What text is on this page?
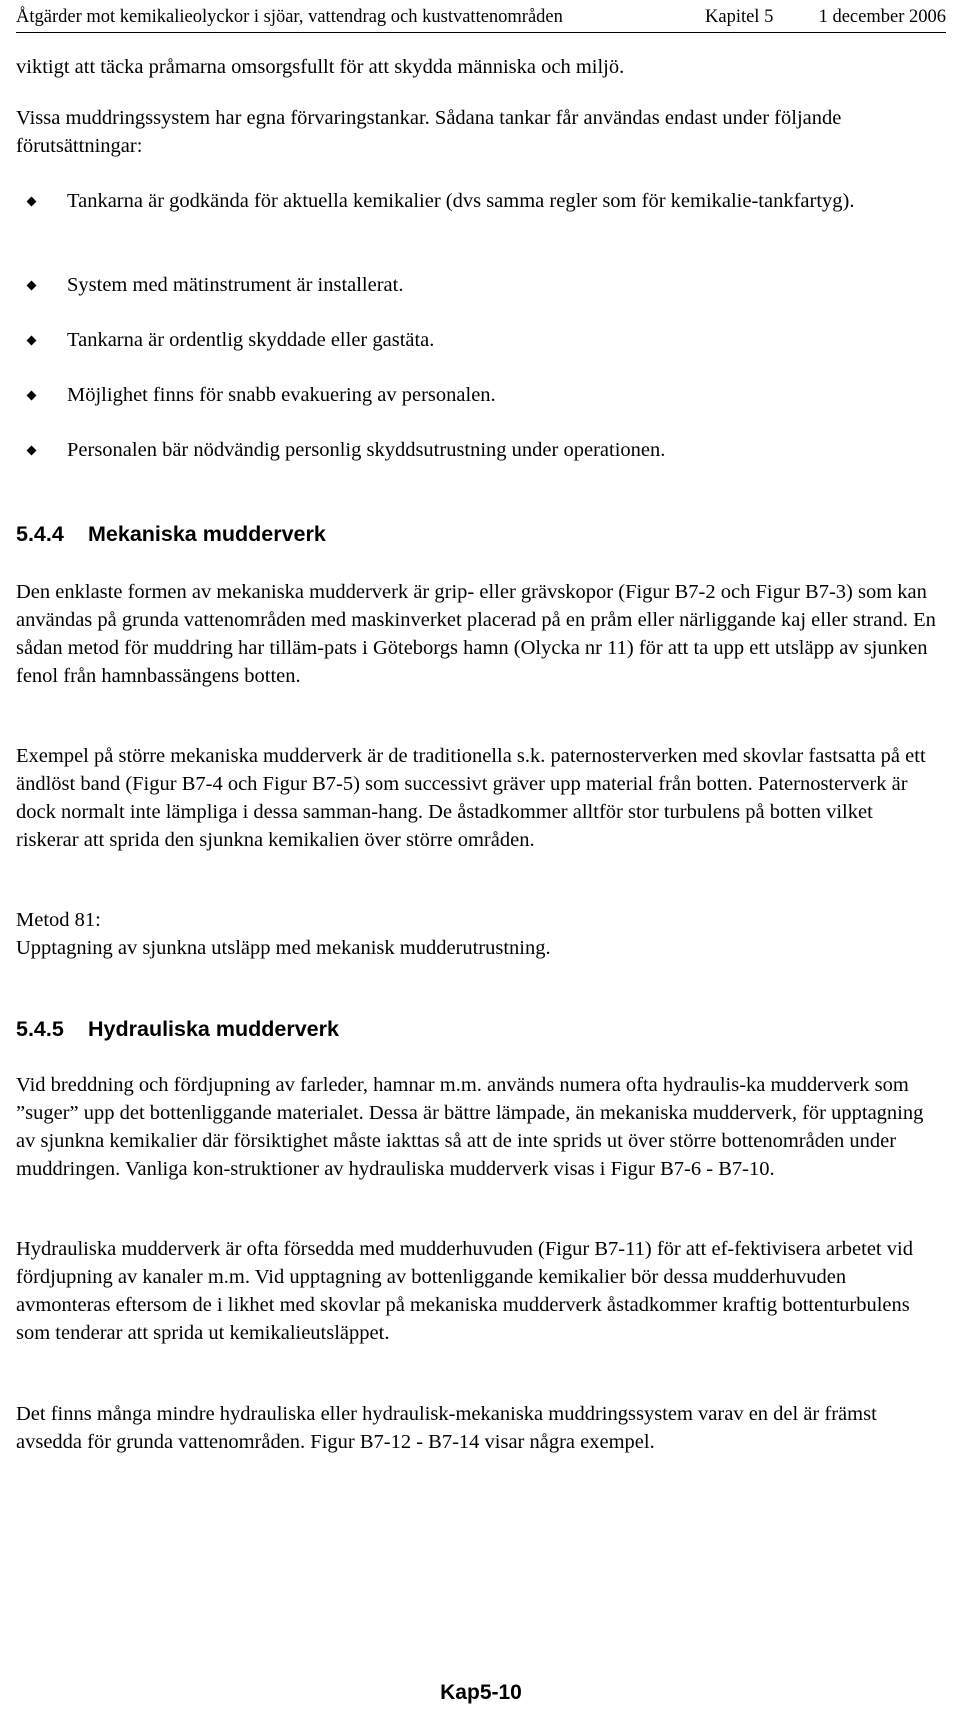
Åtgärder mot kemikalieolyckor i sjöar, vattendrag och kustvattenområden	Kapitel 5 1 december 2006
viktigt att täcka pråmarna omsorgsfullt för att skydda människa och miljö.
Vissa muddringssystem har egna förvaringstankar. Sådana tankar får användas endast under följande förutsättningar:
Tankarna är godkända för aktuella kemikalier (dvs samma regler som för kemikalie-tankfartyg).
System med mätinstrument är installerat.
Tankarna är ordentlig skyddade eller gastäta.
Möjlighet finns för snabb evakuering av personalen.
Personalen bär nödvändig personlig skyddsutrustning under operationen.
5.4.4 Mekaniska mudderverk
Den enklaste formen av mekaniska mudderverk är grip- eller grävskopor (Figur B7-2 och Figur B7-3) som kan användas på grunda vattenområden med maskinverket placerad på en pråm eller närliggande kaj eller strand. En sådan metod för muddring har tilläm-pats i Göteborgs hamn (Olycka nr 11) för att ta upp ett utsläpp av sjunken fenol från hamnbassängens botten.
Exempel på större mekaniska mudderverk är de traditionella s.k. paternosterverken med skovlar fastsatta på ett ändlöst band (Figur B7-4 och Figur B7-5) som successivt gräver upp material från botten. Paternosterverk är dock normalt inte lämpliga i dessa samman-hang. De åstadkommer alltför stor turbulens på botten vilket riskerar att sprida den sjunkna kemikalien över större områden.
Metod 81:
Upptagning av sjunkna utsläpp med mekanisk mudderutrustning.
5.4.5 Hydrauliska mudderverk
Vid breddning och fördjupning av farleder, hamnar m.m. används numera ofta hydraulis-ka mudderverk som ”suger” upp det bottenliggande materialet. Dessa är bättre lämpade, än mekaniska mudderverk, för upptagning av sjunkna kemikalier där försiktighet måste iakttas så att de inte sprids ut över större bottenområden under muddringen. Vanliga kon-struktioner av hydrauliska mudderverk visas i Figur B7-6 - B7-10.
Hydrauliska mudderverk är ofta försedda med mudderhuvuden (Figur B7-11) för att ef-fektivisera arbetet vid fördjupning av kanaler m.m. Vid upptagning av bottenliggande kemikalier bör dessa mudderhuvuden avmonteras eftersom de i likhet med skovlar på mekaniska mudderverk åstadkommer kraftig bottenturbulens som tenderar att sprida ut kemikalieutsläppet.
Det finns många mindre hydrauliska eller hydraulisk-mekaniska muddringssystem varav en del är främst avsedda för grunda vattenområden. Figur B7-12 - B7-14 visar några exempel.
Kap5-10
